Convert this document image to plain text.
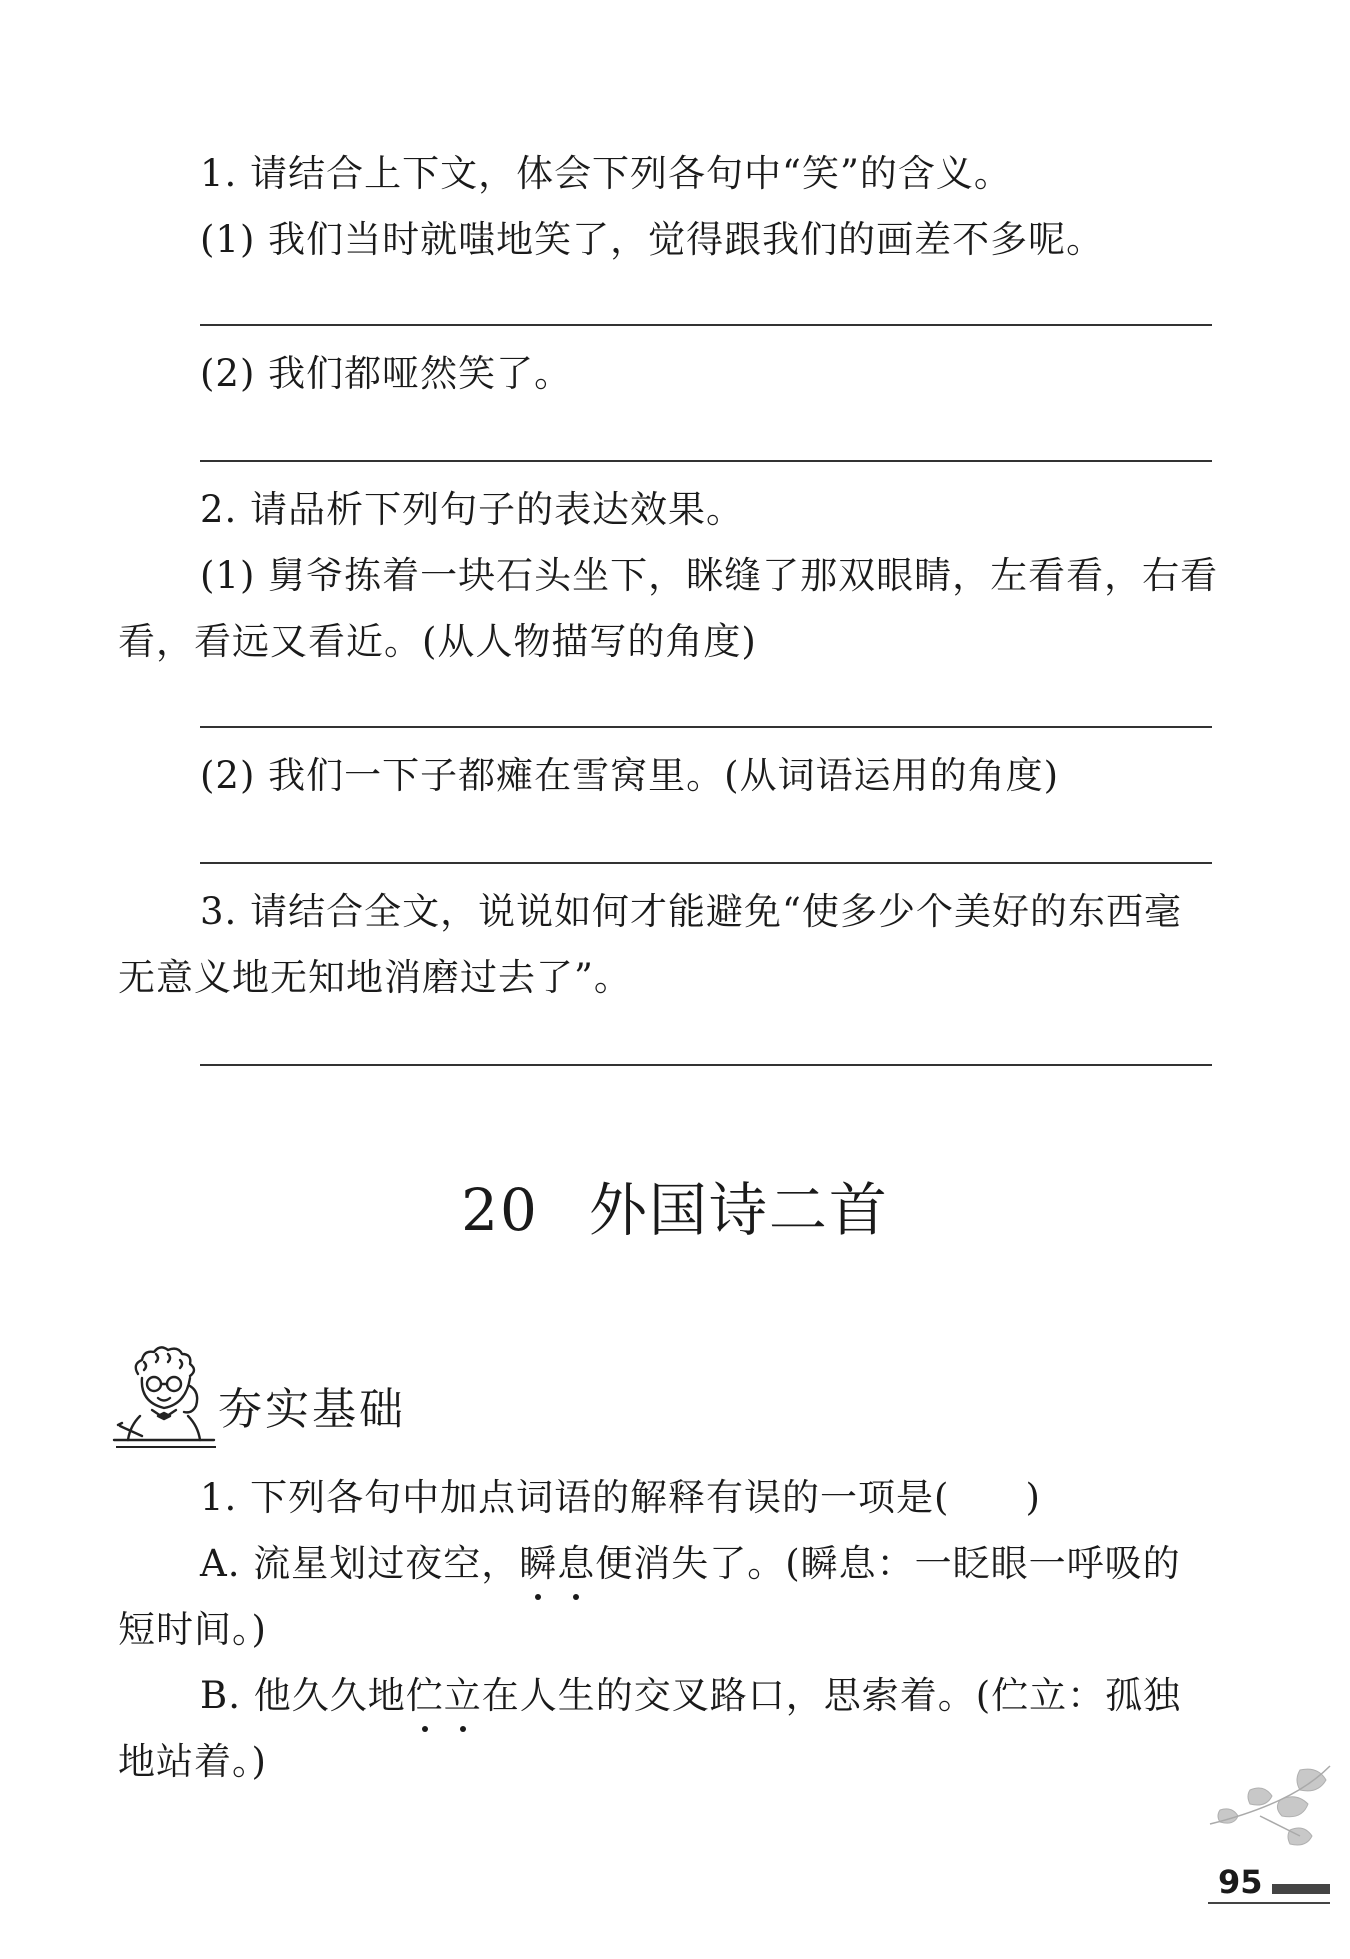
1. 请结合上下文，体会下列各句中“笑”的含义。
(1) 我们当时就嗤地笑了，觉得跟我们的画差不多呢。
(2) 我们都哑然笑了。
2. 请品析下列句子的表达效果。
(1) 舅爷拣着一块石头坐下，眯缝了那双眼睛，左看看，右看
看，看远又看近。(从人物描写的角度)
(2) 我们一下子都瘫在雪窝里。(从词语运用的角度)
3. 请结合全文，说说如何才能避免“使多少个美好的东西毫
无意义地无知地消磨过去了”。
20 外国诗二首
夯实基础
1. 下列各句中加点词语的解释有误的一项是(　　)
A. 流星划过夜空，瞬息便消失了。(瞬息：一眨眼一呼吸的
短时间。)
B. 他久久地伫立在人生的交叉路口，思索着。(伫立：孤独
地站着。)
95
